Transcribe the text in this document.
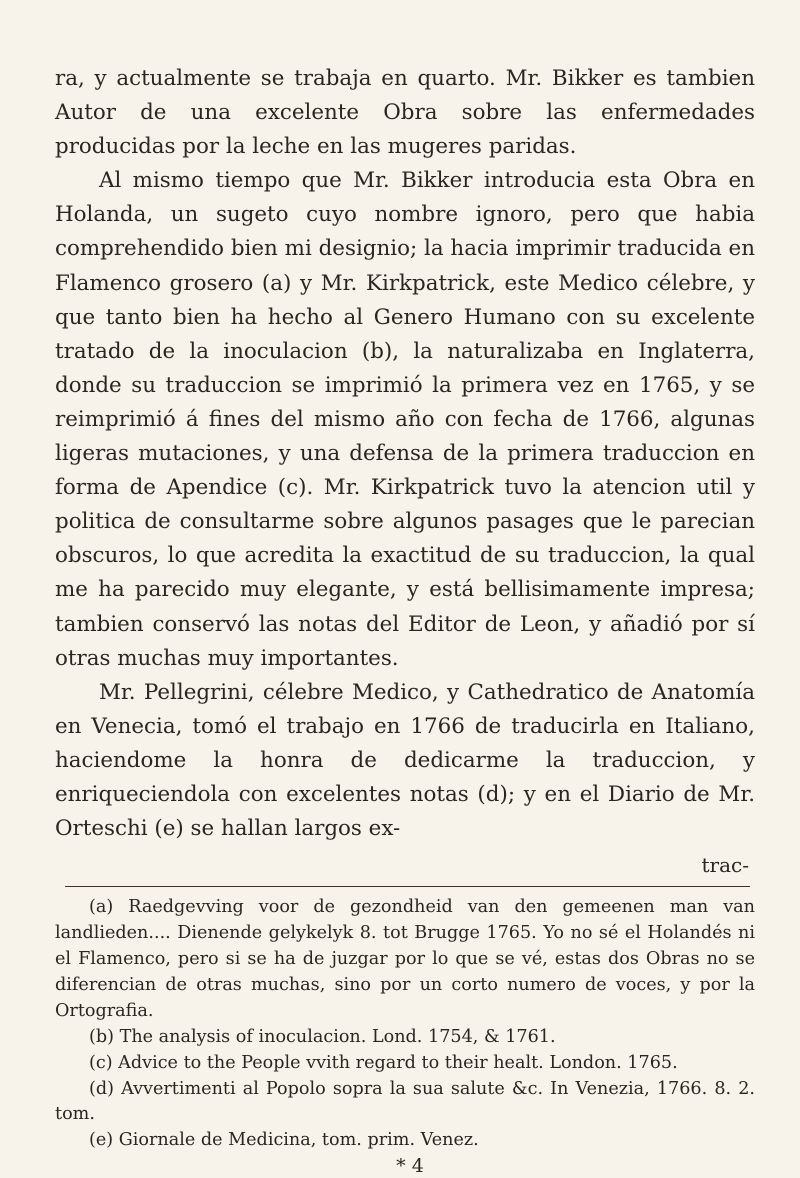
ra, y actualmente se trabaja en quarto. Mr. Bikker es tambien Autor de una excelente Obra sobre las enfermedades producidas por la leche en las mugeres paridas.

Al mismo tiempo que Mr. Bikker introducia esta Obra en Holanda, un sugeto cuyo nombre ignoro, pero que habia comprehendido bien mi designio; la hacia imprimir traducida en Flamenco grosero (a) y Mr. Kirkpatrick, este Medico célebre, y que tanto bien ha hecho al Genero Humano con su excelente tratado de la inoculacion (b), la naturalizaba en Inglaterra, donde su traduccion se imprimió la primera vez en 1765, y se reimprimió á fines del mismo año con fecha de 1766, algunas ligeras mutaciones, y una defensa de la primera traduccion en forma de Apendice (c). Mr. Kirkpatrick tuvo la atencion util y politica de consultarme sobre algunos pasages que le parecian obscuros, lo que acredita la exactitud de su traduccion, la qual me ha parecido muy elegante, y está bellisimamente impresa; tambien conservó las notas del Editor de Leon, y añadió por sí otras muchas muy importantes.

Mr. Pellegrini, célebre Medico, y Cathedratico de Anatomía en Venecia, tomó el trabajo en 1766 de traducirla en Italiano, haciendome la honra de dedicarme la traduccion, y enriqueciendola con excelentes notas (d); y en el Diario de Mr. Orteschi (e) se hallan largos ex-

trac-

(a) Raedgevving voor de gezondheid van den gemeenen man van landlieden.... Dienende gelykelyk 8. tot Brugge 1765. Yo no sé el Holandés ni el Flamenco, pero si se ha de juzgar por lo que se vé, estas dos Obras no se diferencian de otras muchas, sino por un corto numero de voces, y por la Ortografia.

(b) The analysis of inoculacion. Lond. 1754, & 1761.

(c) Advice to the People vvith regard to their healt. London. 1765.

(d) Avvertimenti al Popolo sopra la sua salute &c. In Venezia, 1766. 8. 2. tom.

(e) Giornale de Medicina, tom. prim. Venez.

* 4
